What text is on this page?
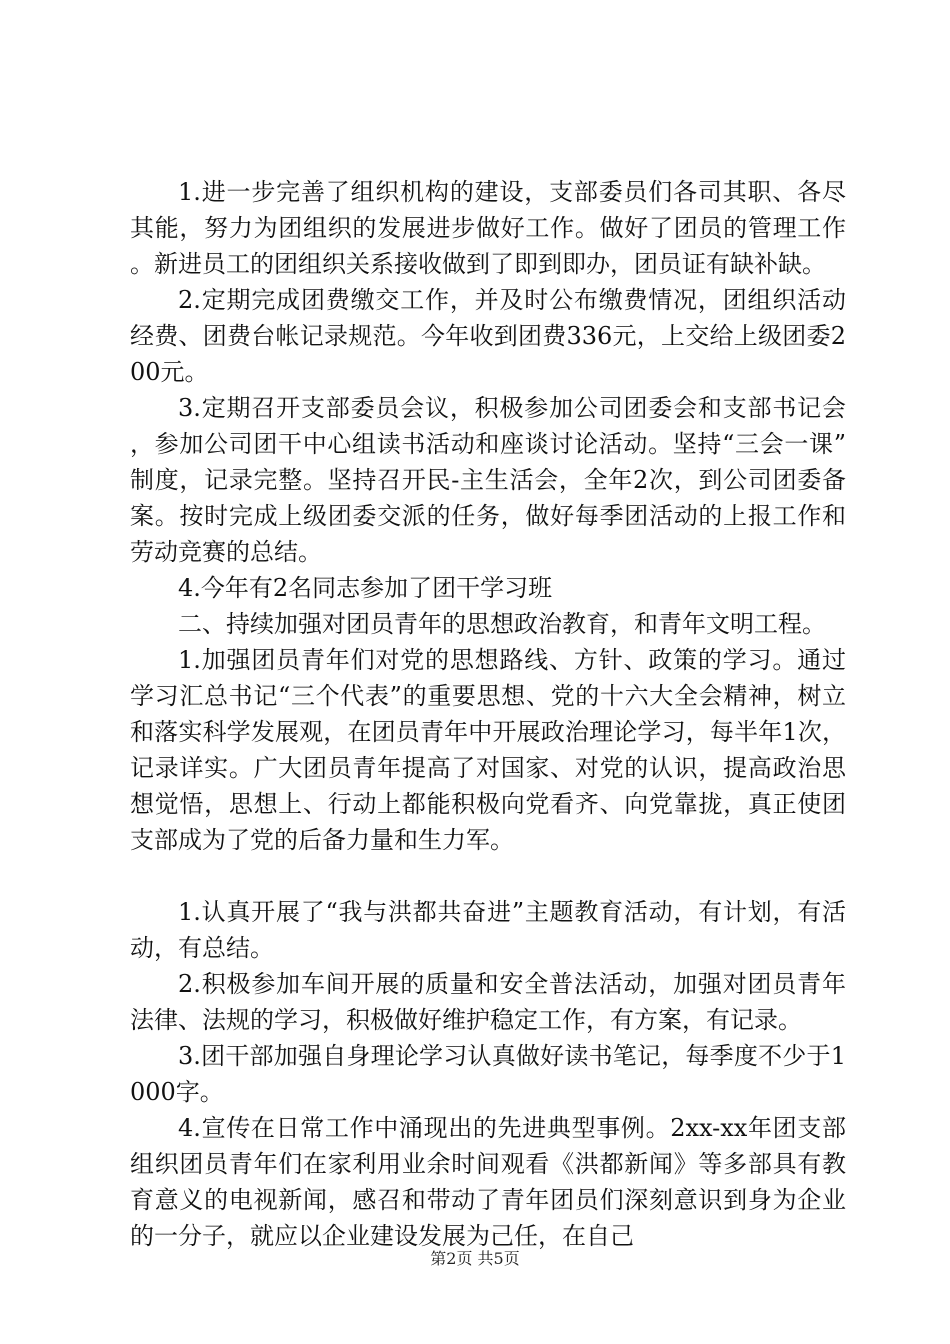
1.进一步完善了组织机构的建设，支部委员们各司其职、各尽其能，努力为团组织的发展进步做好工作。做好了团员的管理工作。新进员工的团组织关系接收做到了即到即办，团员证有缺补缺。

2.定期完成团费缴交工作，并及时公布缴费情况，团组织活动经费、团费台帐记录规范。今年收到团费336元，上交给上级团委200元。

3.定期召开支部委员会议，积极参加公司团委会和支部书记会，参加公司团干中心组读书活动和座谈讨论活动。坚持“三会一课”制度，记录完整。坚持召开民-主生活会，全年2次，到公司团委备案。按时完成上级团委交派的任务，做好每季团活动的上报工作和劳动竞赛的总结。

4.今年有2名同志参加了团干学习班

二、持续加强对团员青年的思想政治教育，和青年文明工程。

1.加强团员青年们对党的思想路线、方针、政策的学习。通过学习汇总书记“三个代表”的重要思想、党的十六大全会精神，树立和落实科学发展观，在团员青年中开展政治理论学习，每半年1次，记录详实。广大团员青年提高了对国家、对党的认识，提高政治思想觉悟，思想上、行动上都能积极向党看齐、向党靠拢，真正使团支部成为了党的后备力量和生力军。

1.认真开展了“我与洪都共奋进”主题教育活动，有计划，有活动，有总结。

2.积极参加车间开展的质量和安全普法活动，加强对团员青年法律、法规的学习，积极做好维护稳定工作，有方案，有记录。

3.团干部加强自身理论学习认真做好读书笔记，每季度不少于1000字。

4.宣传在日常工作中涌现出的先进典型事例。2xx-xx年团支部组织团员青年们在家利用业余时间观看《洪都新闻》等多部具有教育意义的电视新闻，感召和带动了青年团员们深刻意识到身为企业的一分子，就应以企业建设发展为己任，在自己

第2页 共5页
